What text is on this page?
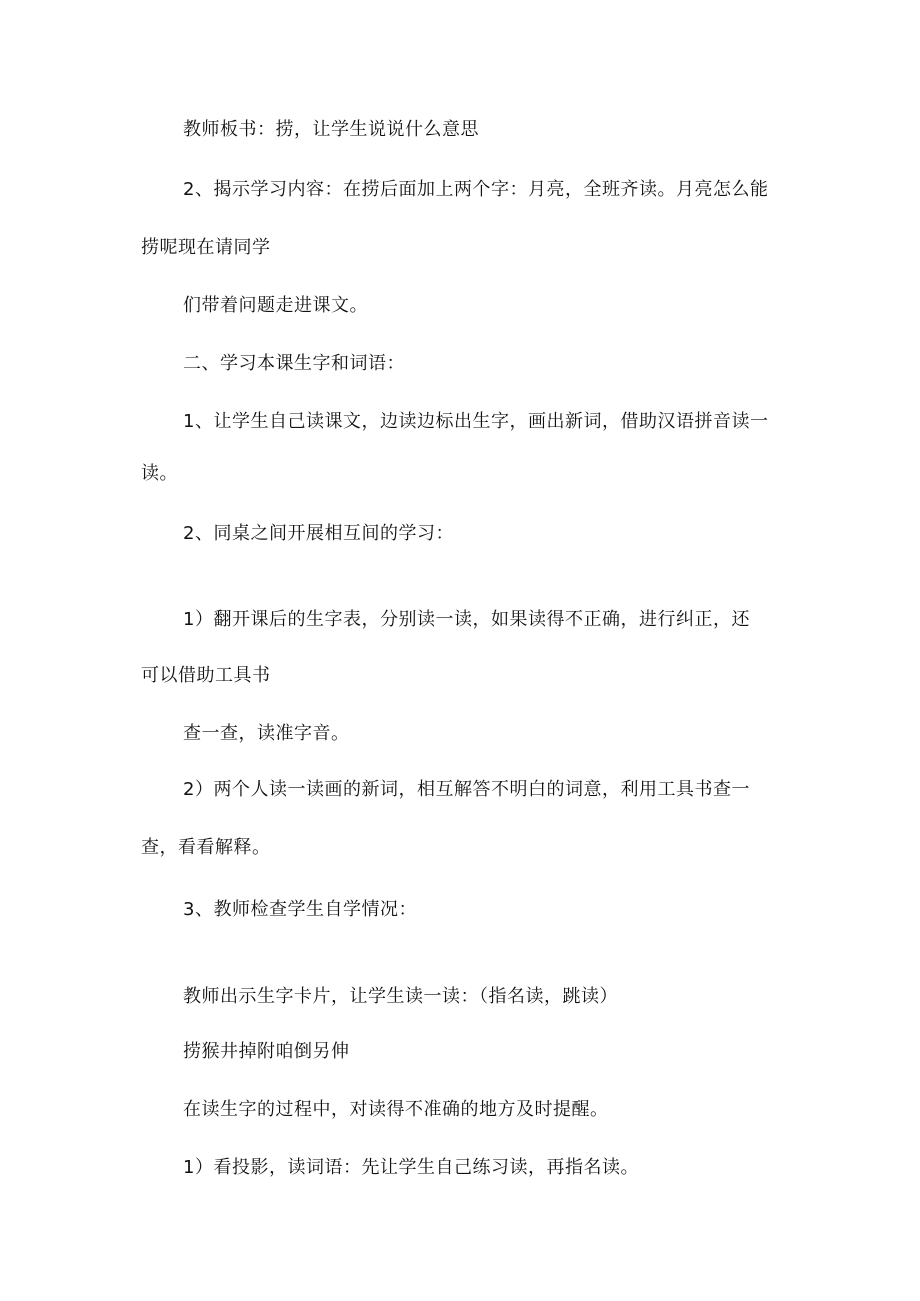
教师板书：捞，让学生说说什么意思
2、揭示学习内容：在捞后面加上两个字：月亮，全班齐读。月亮怎么能
捞呢现在请同学
们带着问题走进课文。
二、学习本课生字和词语：
1、让学生自己读课文，边读边标出生字，画出新词，借助汉语拼音读一
读。
2、同桌之间开展相互间的学习：
1）翻开课后的生字表，分别读一读，如果读得不正确，进行纠正，还
可以借助工具书
查一查，读准字音。
2）两个人读一读画的新词，相互解答不明白的词意，利用工具书查一
查，看看解释。
3、教师检查学生自学情况：
教师出示生字卡片，让学生读一读：（指名读，跳读）
捞猴井掉附咱倒另伸
在读生字的过程中，对读得不准确的地方及时提醒。
1）看投影，读词语：先让学生自己练习读，再指名读。
